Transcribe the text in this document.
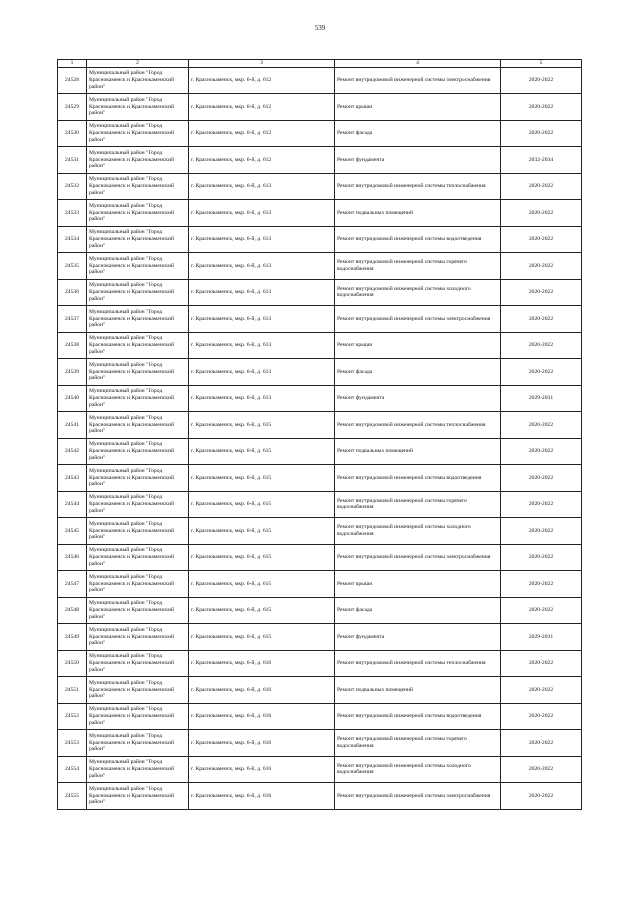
539
1	2	3	4	5
24528	Муниципальный район "Город Краснокаменск и Краснокаменский район"	г. Краснокаменск, мкр. 6-й, д. 612	Ремонт внутридомовой инженерной системы электроснабжения	2020-2022
24529	Муниципальный район "Город Краснокаменск и Краснокаменский район"	г. Краснокаменск, мкр. 6-й, д. 612	Ремонт крыши	2020-2022
24530	Муниципальный район "Город Краснокаменск и Краснокаменский район"	г. Краснокаменск, мкр. 6-й, д. 612	Ремонт фасада	2020-2022
24531	Муниципальный район "Город Краснокаменск и Краснокаменский район"	г. Краснокаменск, мкр. 6-й, д. 612	Ремонт фундамента	2032-2034
24532	Муниципальный район "Город Краснокаменск и Краснокаменский район"	г. Краснокаменск, мкр. 6-й, д. 613	Ремонт внутридомовой инженерной системы теплоснабжения	2020-2022
24533	Муниципальный район "Город Краснокаменск и Краснокаменский район"	г. Краснокаменск, мкр. 6-й, д. 613	Ремонт подвальных помещений	2020-2022
24534	Муниципальный район "Город Краснокаменск и Краснокаменский район"	г. Краснокаменск, мкр. 6-й, д. 613	Ремонт внутридомовой инженерной системы водоотведения	2020-2022
24535	Муниципальный район "Город Краснокаменск и Краснокаменский район"	г. Краснокаменск, мкр. 6-й, д. 613	Ремонт внутридомовой инженерной системы горячего водоснабжения	2020-2022
24536	Муниципальный район "Город Краснокаменск и Краснокаменский район"	г. Краснокаменск, мкр. 6-й, д. 613	Ремонт внутридомовой инженерной системы холодного водоснабжения	2020-2022
24537	Муниципальный район "Город Краснокаменск и Краснокаменский район"	г. Краснокаменск, мкр. 6-й, д. 613	Ремонт внутридомовой инженерной системы электроснабжения	2020-2022
24538	Муниципальный район "Город Краснокаменск и Краснокаменский район"	г. Краснокаменск, мкр. 6-й, д. 613	Ремонт крыши	2020-2022
24539	Муниципальный район "Город Краснокаменск и Краснокаменский район"	г. Краснокаменск, мкр. 6-й, д. 613	Ремонт фасада	2020-2022
24540	Муниципальный район "Город Краснокаменск и Краснокаменский район"	г. Краснокаменск, мкр. 6-й, д. 613	Ремонт фундамента	2029-2031
24541	Муниципальный район "Город Краснокаменск и Краснокаменский район"	г. Краснокаменск, мкр. 6-й, д. 615	Ремонт внутридомовой инженерной системы теплоснабжения	2020-2022
24542	Муниципальный район "Город Краснокаменск и Краснокаменский район"	г. Краснокаменск, мкр. 6-й, д. 615	Ремонт подвальных помещений	2020-2022
24543	Муниципальный район "Город Краснокаменск и Краснокаменский район"	г. Краснокаменск, мкр. 6-й, д. 615	Ремонт внутридомовой инженерной системы водоотведения	2020-2022
24544	Муниципальный район "Город Краснокаменск и Краснокаменский район"	г. Краснокаменск, мкр. 6-й, д. 615	Ремонт внутридомовой инженерной системы горячего водоснабжения	2020-2022
24545	Муниципальный район "Город Краснокаменск и Краснокаменский район"	г. Краснокаменск, мкр. 6-й, д. 615	Ремонт внутридомовой инженерной системы холодного водоснабжения	2020-2022
24546	Муниципальный район "Город Краснокаменск и Краснокаменский район"	г. Краснокаменск, мкр. 6-й, д. 615	Ремонт внутридомовой инженерной системы электроснабжения	2020-2022
24547	Муниципальный район "Город Краснокаменск и Краснокаменский район"	г. Краснокаменск, мкр. 6-й, д. 615	Ремонт крыши	2020-2022
24548	Муниципальный район "Город Краснокаменск и Краснокаменский район"	г. Краснокаменск, мкр. 6-й, д. 615	Ремонт фасада	2020-2022
24549	Муниципальный район "Город Краснокаменск и Краснокаменский район"	г. Краснокаменск, мкр. 6-й, д. 615	Ремонт фундамента	2029-2031
24550	Муниципальный район "Город Краснокаменск и Краснокаменский район"	г. Краснокаменск, мкр. 6-й, д. 616	Ремонт внутридомовой инженерной системы теплоснабжения	2020-2022
24551	Муниципальный район "Город Краснокаменск и Краснокаменский район"	г. Краснокаменск, мкр. 6-й, д. 616	Ремонт подвальных помещений	2020-2022
24552	Муниципальный район "Город Краснокаменск и Краснокаменский район"	г. Краснокаменск, мкр. 6-й, д. 616	Ремонт внутридомовой инженерной системы водоотведения	2020-2022
24553	Муниципальный район "Город Краснокаменск и Краснокаменский район"	г. Краснокаменск, мкр. 6-й, д. 616	Ремонт внутридомовой инженерной системы горячего водоснабжения	2020-2022
24554	Муниципальный район "Город Краснокаменск и Краснокаменский район"	г. Краснокаменск, мкр. 6-й, д. 616	Ремонт внутридомовой инженерной системы холодного водоснабжения	2020-2022
24555	Муниципальный район "Город Краснокаменск и Краснокаменский район"	г. Краснокаменск, мкр. 6-й, д. 616	Ремонт внутридомовой инженерной системы электроснабжения	2020-2022
